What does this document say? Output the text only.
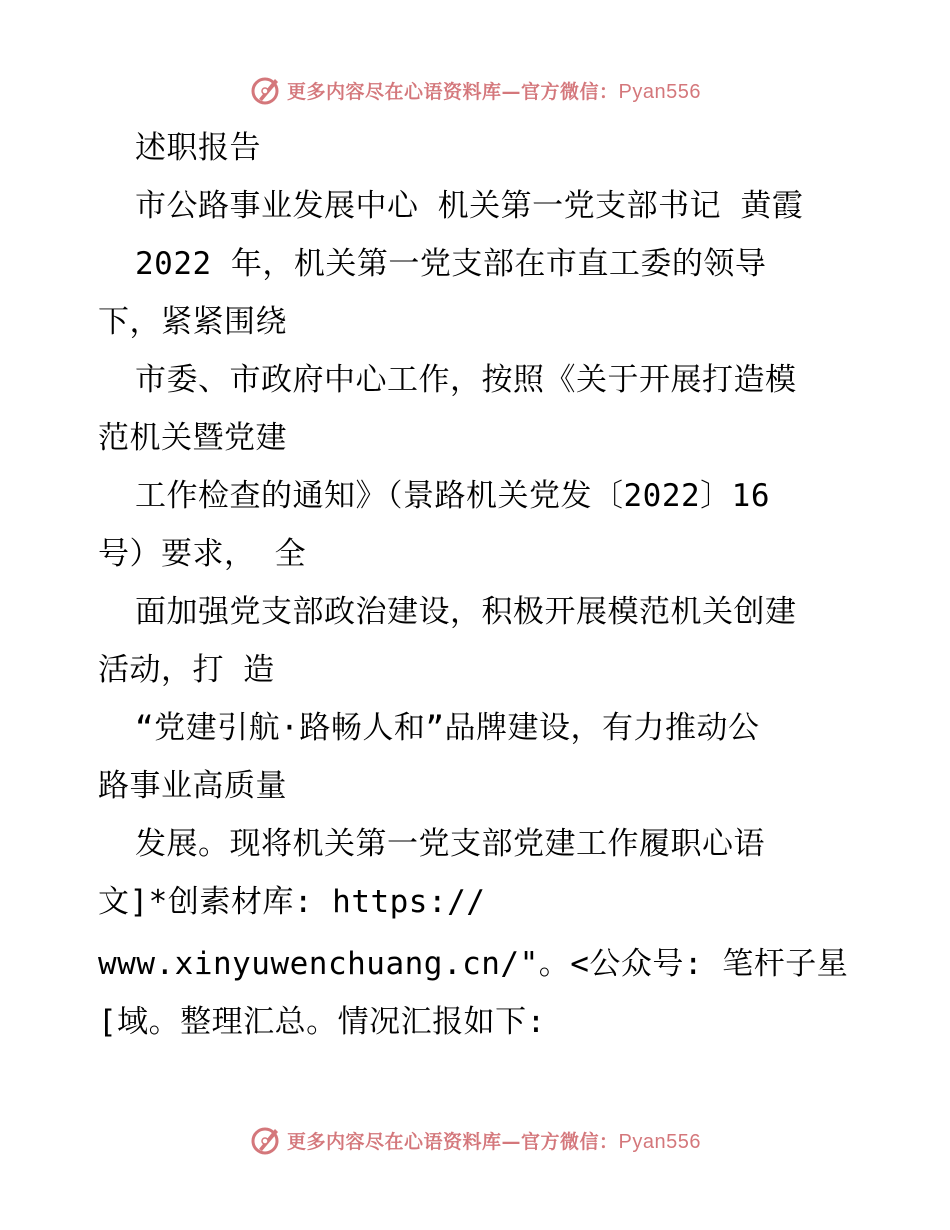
更多内容尽在心语资料库—官方微信：Pyan556
述职报告
市公路事业发展中心 机关第一党支部书记 黄霞
2022 年，机关第一党支部在市直工委的领导
下，紧紧围绕
市委、市政府中心工作，按照《关于开展打造模
范机关暨党建
工作检查的通知》（景路机关党发〔2022〕16
号）要求， 全
面加强党支部政治建设，积极开展模范机关创建
活动，打 造
“党建引航·路畅人和”品牌建设，有力推动公
路事业高质量
发展。现将机关第一党支部党建工作履职心语
文]*创素材库: https://
www.xinyuwenchuang.cn/"。<公众号: 笔杆子星
[域。整理汇总。情况汇报如下:
更多内容尽在心语资料库—官方微信：Pyan556
